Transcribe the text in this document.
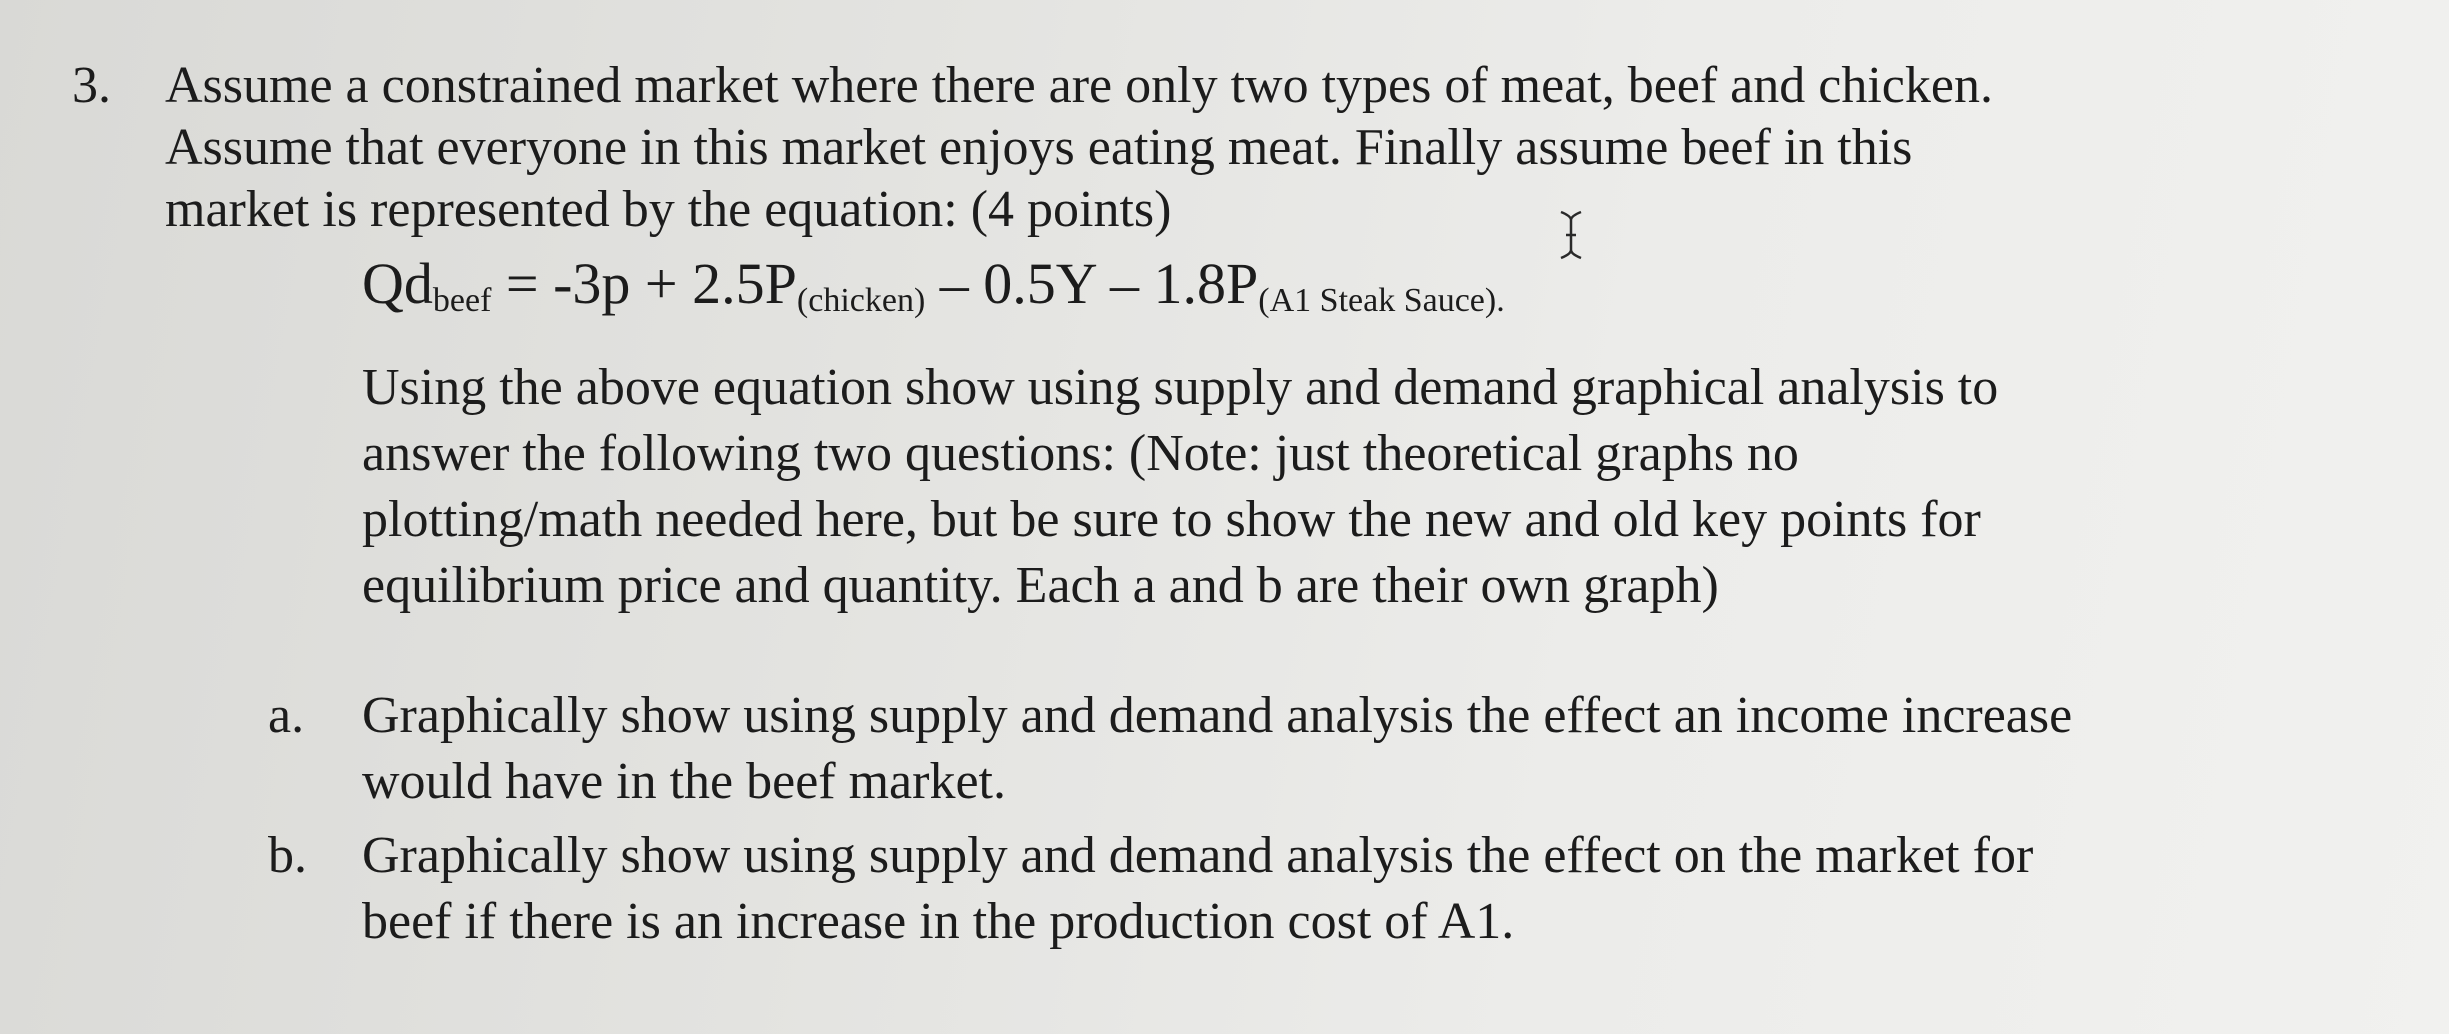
3. Assume a constrained market where there are only two types of meat, beef and chicken.
Assume that everyone in this market enjoys eating meat. Finally assume beef in this
market is represented by the equation: (4 points)
Qdbeef = -3p + 2.5P(chicken) – 0.5Y – 1.8P(A1 Steak Sauce).
Using the above equation show using supply and demand graphical analysis to
answer the following two questions: (Note: just theoretical graphs no
plotting/math needed here, but be sure to show the new and old key points for
equilibrium price and quantity. Each a and b are their own graph)
a. Graphically show using supply and demand analysis the effect an income increase
would have in the beef market.
b. Graphically show using supply and demand analysis the effect on the market for
beef if there is an increase in the production cost of A1.
